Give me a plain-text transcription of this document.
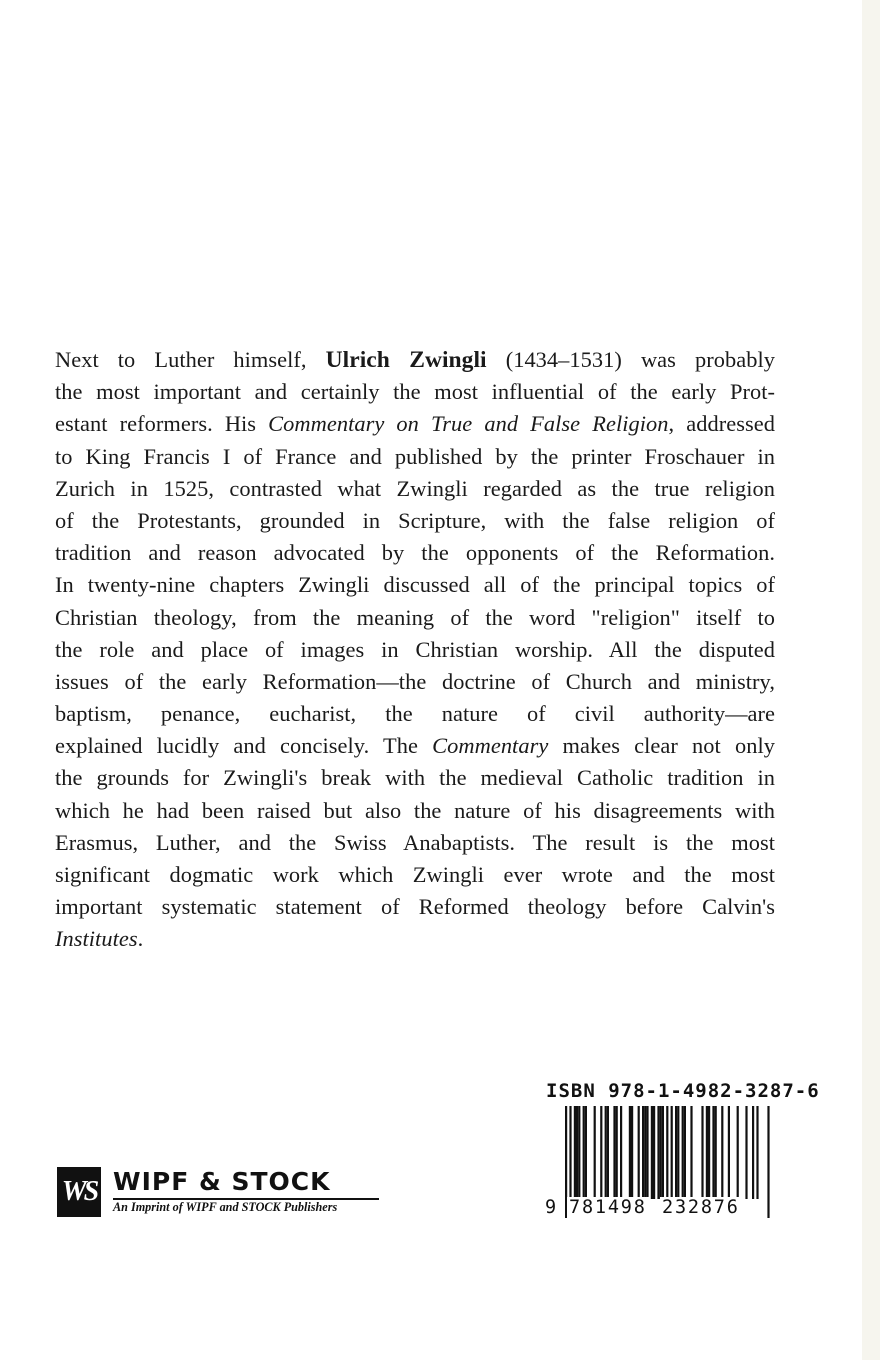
Next to Luther himself, Ulrich Zwingli (1434–1531) was probably
the most important and certainly the most influential of the early Prot-
estant reformers. His Commentary on True and False Religion, addressed
to King Francis I of France and published by the printer Froschauer in
Zurich in 1525, contrasted what Zwingli regarded as the true religion
of the Protestants, grounded in Scripture, with the false religion of
tradition and reason advocated by the opponents of the Reformation.
In twenty-nine chapters Zwingli discussed all of the principal topics of
Christian theology, from the meaning of the word "religion" itself to
the role and place of images in Christian worship. All the disputed
issues of the early Reformation—the doctrine of Church and ministry,
baptism, penance, eucharist, the nature of civil authority—are
explained lucidly and concisely. The Commentary makes clear not only
the grounds for Zwingli's break with the medieval Catholic tradition in
which he had been raised but also the nature of his disagreements with
Erasmus, Luther, and the Swiss Anabaptists. The result is the most
significant dogmatic work which Zwingli ever wrote and the most
important systematic statement of Reformed theology before Calvin's
Institutes.
WS WIPF & STOCK
An Imprint of WIPF and STOCK Publishers
ISBN 978-1-4982-3287-6
9 781498 232876
